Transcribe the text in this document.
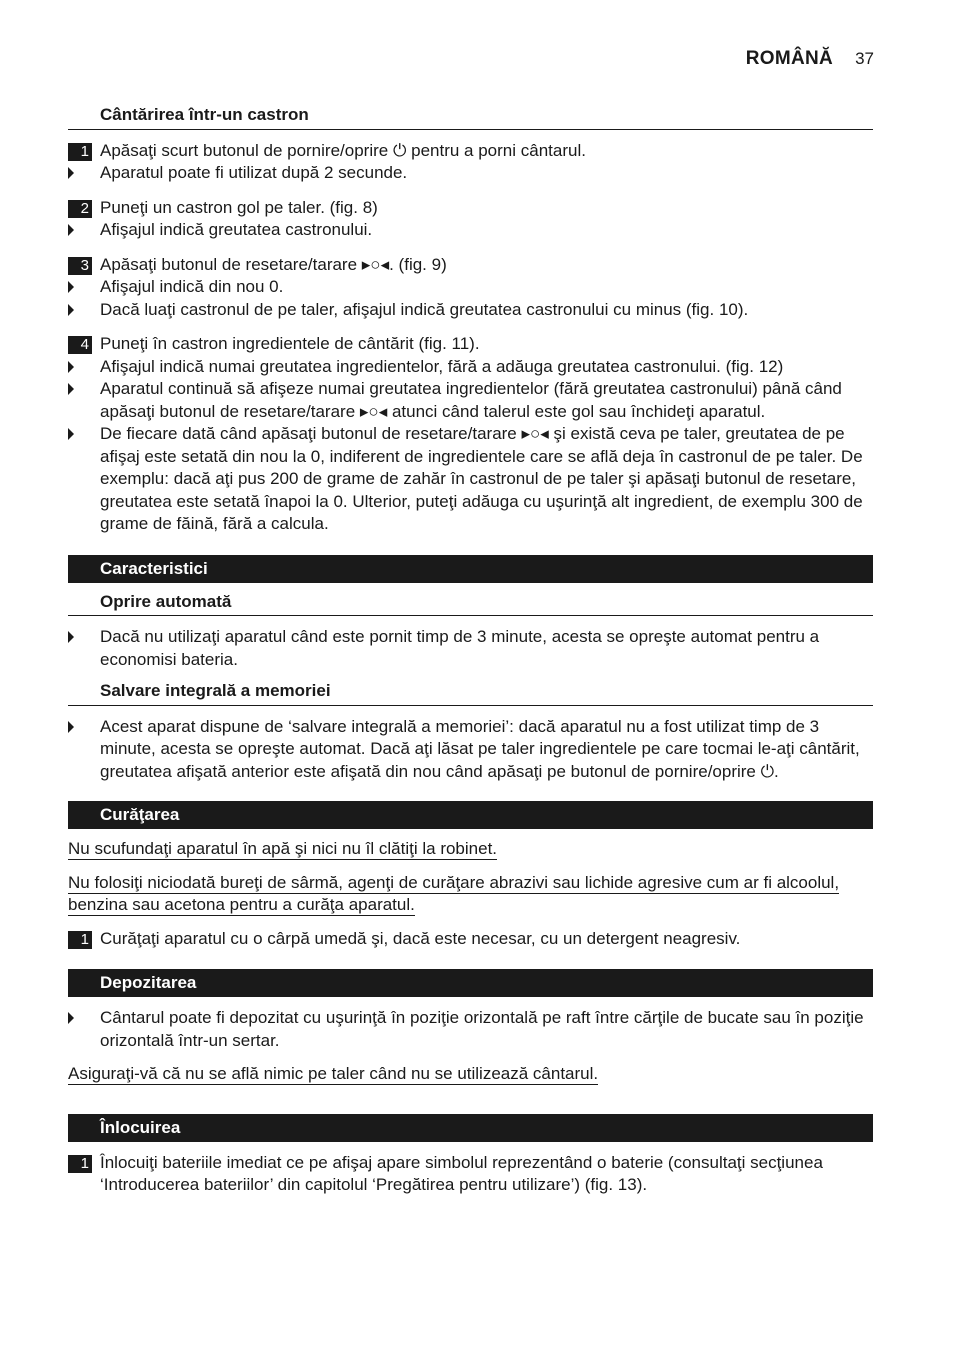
ROMÂNĂ 37
Cântărirea într-un castron
1 Apăsaţi scurt butonul de pornire/oprire ⏻ pentru a porni cântarul.
Aparatul poate fi utilizat după 2 secunde.
2 Puneţi un castron gol pe taler. (fig. 8)
Afişajul indică greutatea castronului.
3 Apăsaţi butonul de resetare/tarare ▸○◂. (fig. 9)
Afişajul indică din nou 0.
Dacă luaţi castronul de pe taler, afişajul indică greutatea castronului cu minus (fig. 10).
4 Puneţi în castron ingredientele de cântărit (fig. 11).
Afişajul indică numai greutatea ingredientelor, fără a adăuga greutatea castronului. (fig. 12)
Aparatul continuă să afişeze numai greutatea ingredientelor (fără greutatea castronului) până când apăsaţi butonul de resetare/tarare ▸○◂ atunci când talerul este gol sau închideţi aparatul.
De fiecare dată când apăsaţi butonul de resetare/tarare ▸○◂ şi există ceva pe taler, greutatea de pe afişaj este setată din nou la 0, indiferent de ingredientele care se află deja în castronul de pe taler. De exemplu: dacă aţi pus 200 de grame de zahăr în castronul de pe taler şi apăsaţi butonul de resetare, greutatea este setată înapoi la 0. Ulterior, puteţi adăuga cu uşurinţă alt ingredient, de exemplu 300 de grame de făină, fără a calcula.
Caracteristici
Oprire automată
Dacă nu utilizaţi aparatul când este pornit timp de 3 minute, acesta se opreşte automat pentru a economisi bateria.
Salvare integrală a memoriei
Acest aparat dispune de ‘salvare integrală a memoriei’: dacă aparatul nu a fost utilizat timp de 3 minute, acesta se opreşte automat. Dacă aţi lăsat pe taler ingredientele pe care tocmai le-aţi cântărit, greutatea afişată anterior este afişată din nou când apăsaţi pe butonul de pornire/oprire ⏻.
Curăţarea
Nu scufundaţi aparatul în apă şi nici nu îl clătiţi la robinet.
Nu folosiţi niciodată bureţi de sârmă, agenţi de curăţare abrazivi sau lichide agresive cum ar fi alcoolul, benzina sau acetona pentru a curăţa aparatul.
1 Curăţaţi aparatul cu o cârpă umedă şi, dacă este necesar, cu un detergent neagresiv.
Depozitarea
Cântarul poate fi depozitat cu uşurinţă în poziţie orizontală pe raft între cărţile de bucate sau în poziţie orizontală într-un sertar.
Asiguraţi-vă că nu se află nimic pe taler când nu se utilizează cântarul.
Înlocuirea
1 Înlocuiţi bateriile imediat ce pe afişaj apare simbolul reprezentând o baterie (consultaţi secţiunea ‘Introducerea bateriilor’ din capitolul ‘Pregătirea pentru utilizare’) (fig. 13).
